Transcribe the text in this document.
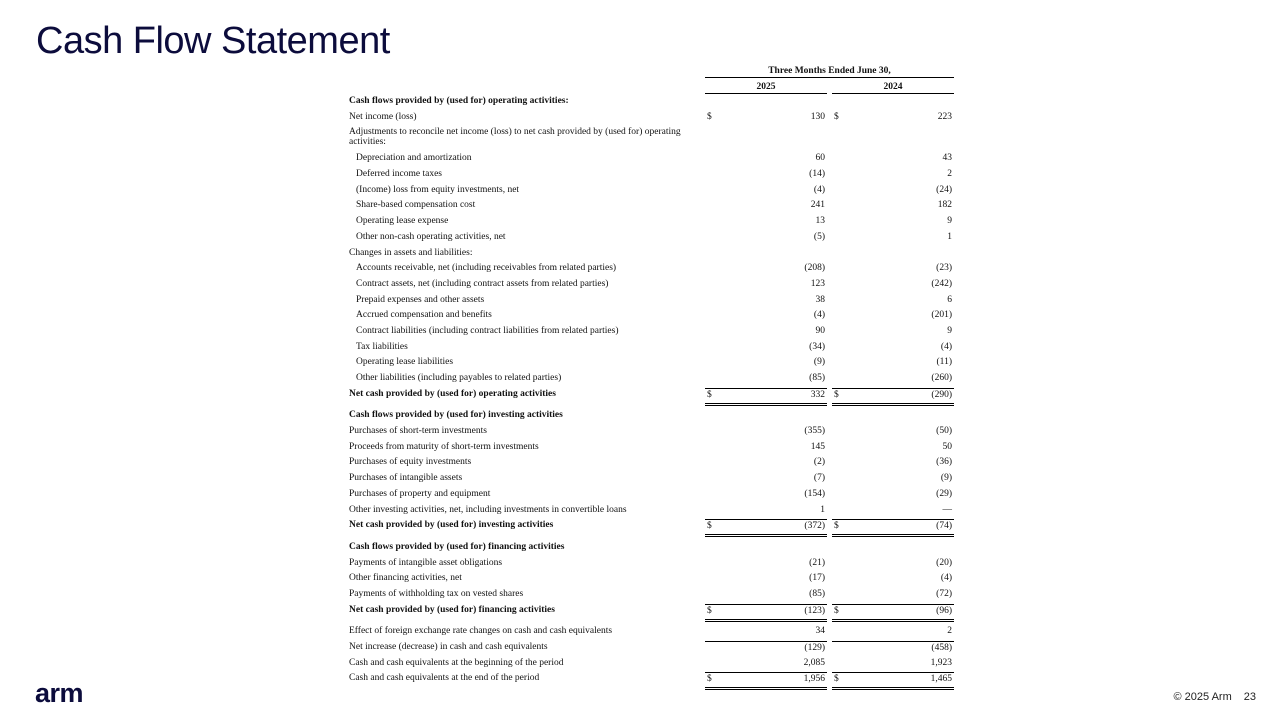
Cash Flow Statement
Three Months Ended June 30,
2025	2024
Cash flows provided by (used for) operating activities:
Net income (loss)	$	130 $	223
Adjustments to reconcile net income (loss) to net cash provided by (used for) operating activities:
Depreciation and amortization	60	43
Deferred income taxes	(14)	2
(Income) loss from equity investments, net	(4)	(24)
Share-based compensation cost	241	182
Operating lease expense	13	9
Other non-cash operating activities, net	(5)	1
Changes in assets and liabilities:
Accounts receivable, net (including receivables from related parties)	(208)	(23)
Contract assets, net (including contract assets from related parties)	123	(242)
Prepaid expenses and other assets	38	6
Accrued compensation and benefits	(4)	(201)
Contract liabilities (including contract liabilities from related parties)	90	9
Tax liabilities	(34)	(4)
Operating lease liabilities	(9)	(11)
Other liabilities (including payables to related parties)	(85)	(260)
Net cash provided by (used for) operating activities	$	332 $	(290)
Cash flows provided by (used for) investing activities
Purchases of short-term investments	(355)	(50)
Proceeds from maturity of short-term investments	145	50
Purchases of equity investments	(2)	(36)
Purchases of intangible assets	(7)	(9)
Purchases of property and equipment	(154)	(29)
Other investing activities, net, including investments in convertible loans	1	—
Net cash provided by (used for) investing activities	$	(372) $	(74)
Cash flows provided by (used for) financing activities
Payments of intangible asset obligations	(21)	(20)
Other financing activities, net	(17)	(4)
Payments of withholding tax on vested shares	(85)	(72)
Net cash provided by (used for) financing activities	$	(123) $	(96)
Effect of foreign exchange rate changes on cash and cash equivalents	34	2
Net increase (decrease) in cash and cash equivalents	(129)	(458)
Cash and cash equivalents at the beginning of the period	2,085	1,923
Cash and cash equivalents at the end of the period	$	1,956 $	1,465
arm	© 2025 Arm 23
